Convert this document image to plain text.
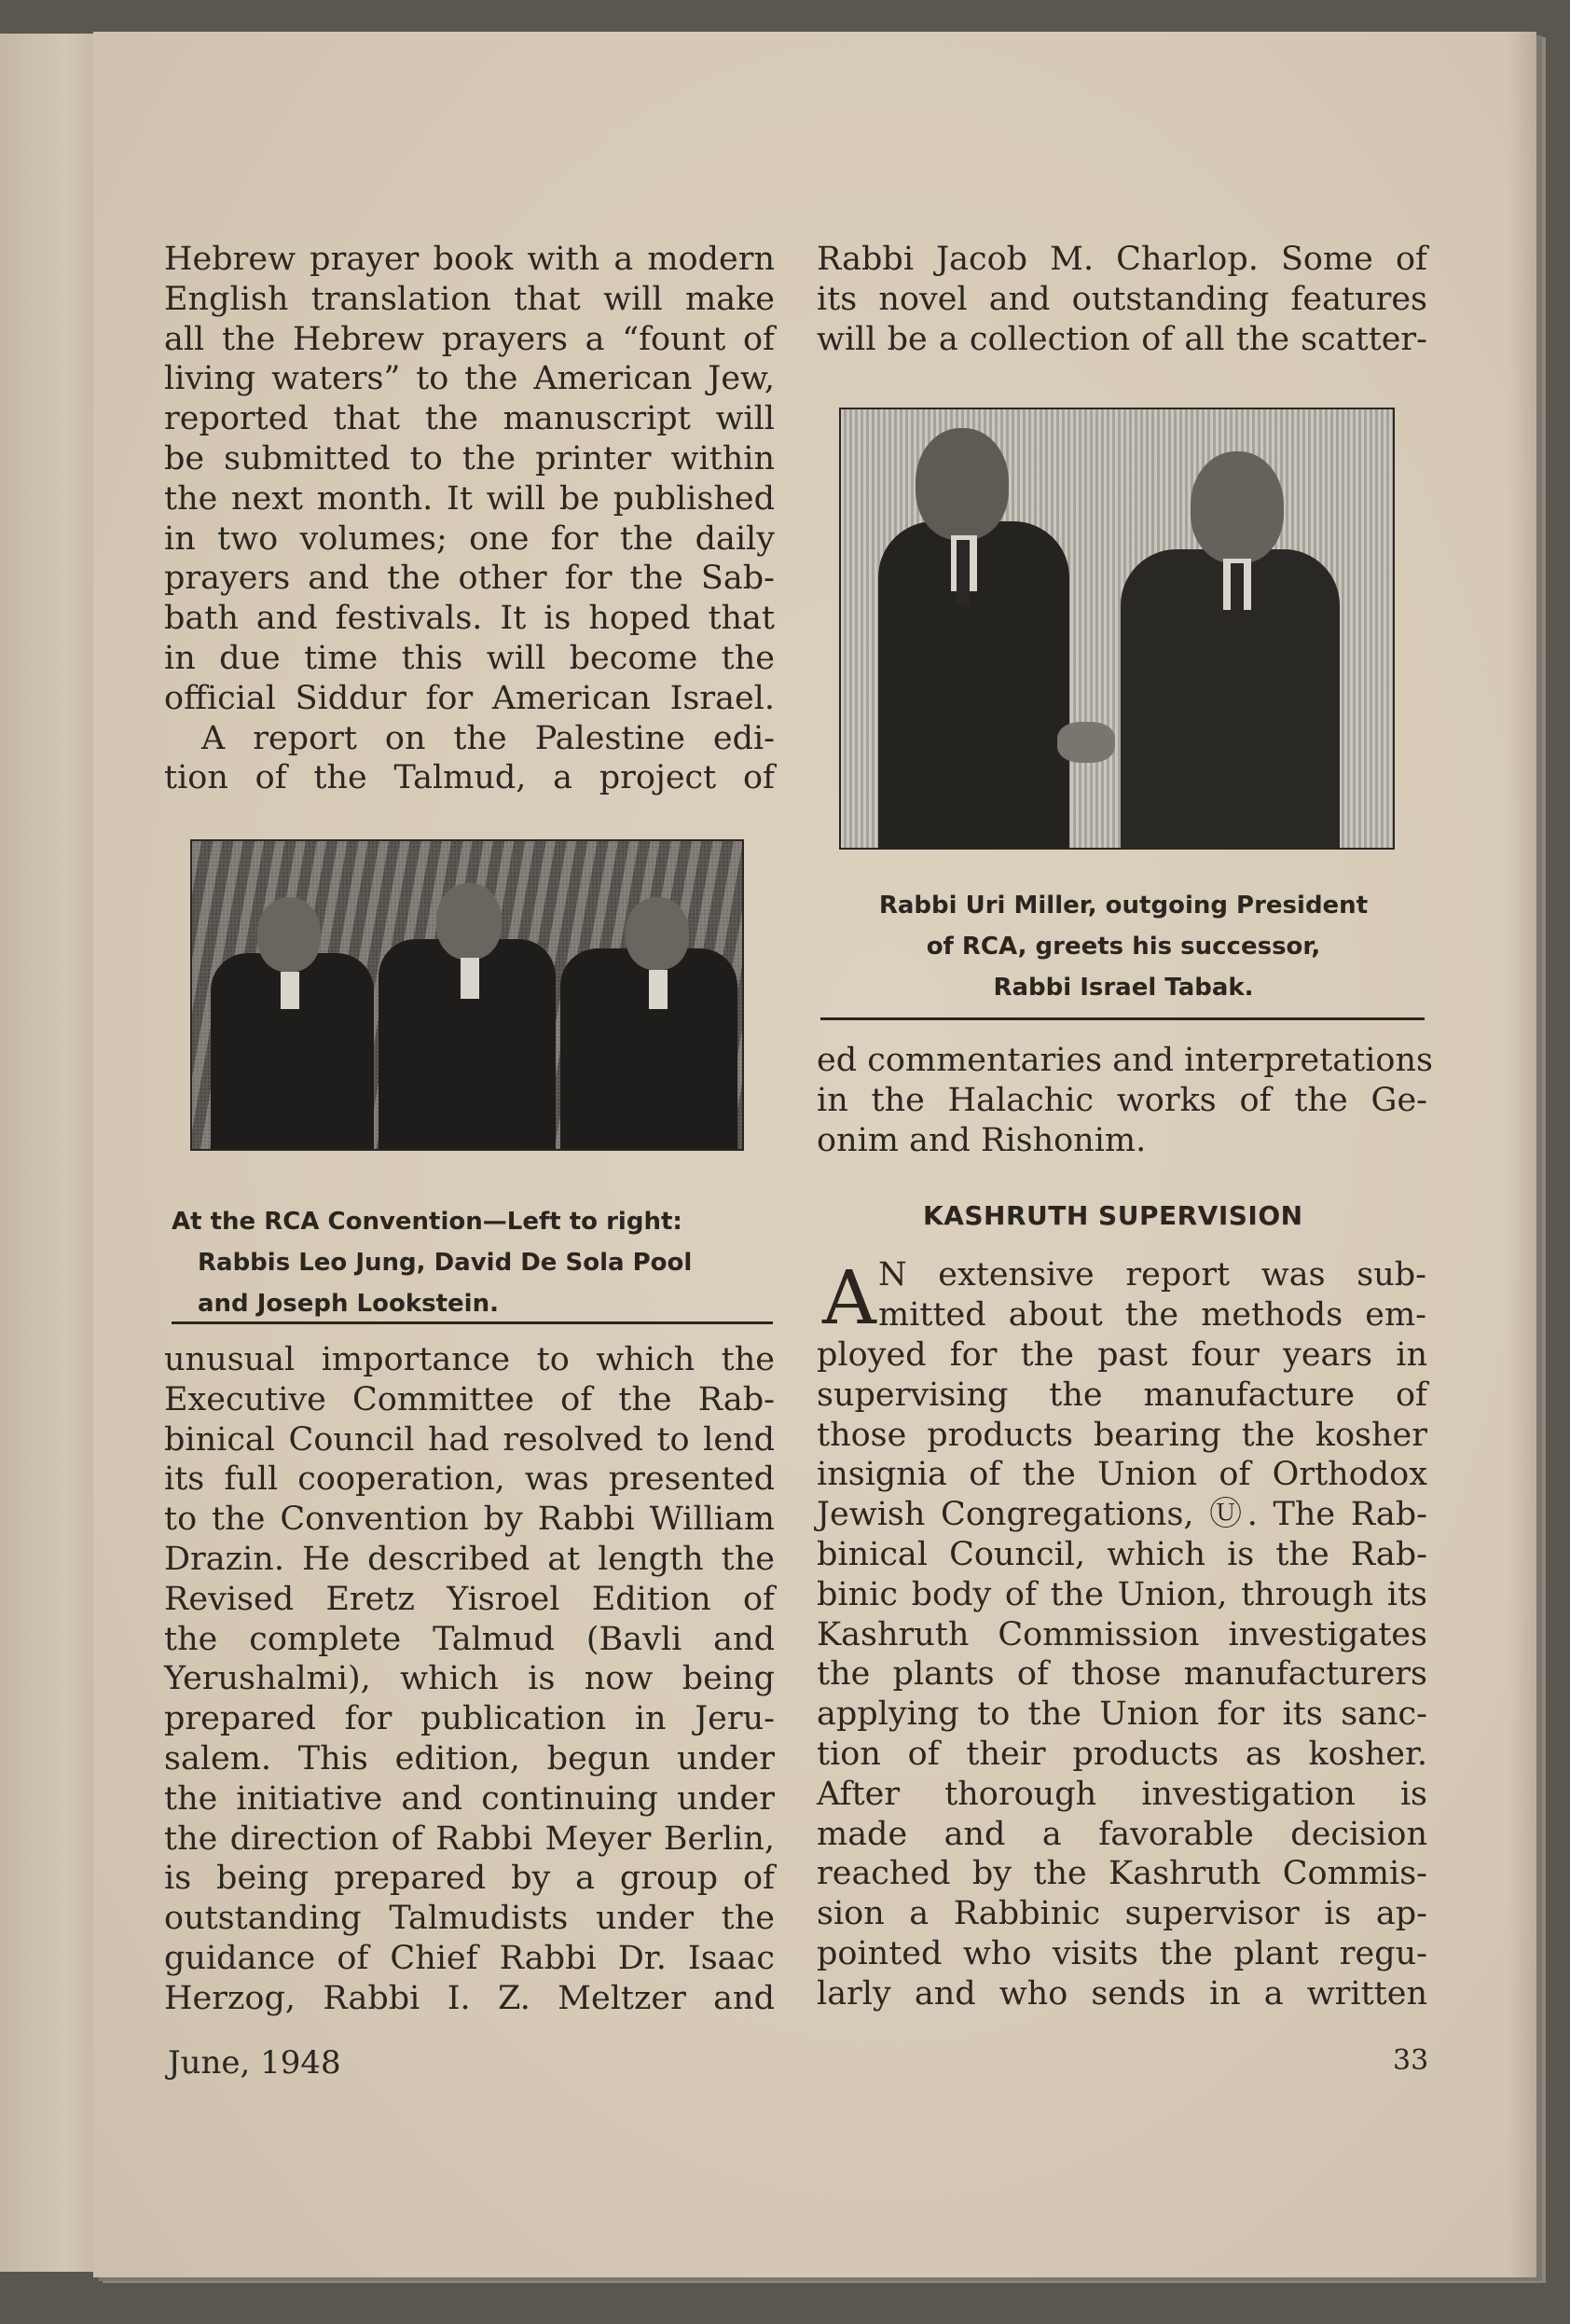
Hebrew prayer book with a modern
English translation that will make
all the Hebrew prayers a “fount of
living waters” to the American Jew,
reported that the manuscript will
be submitted to the printer within
the next month. It will be published
in two volumes; one for the daily
prayers and the other for the Sab-
bath and festivals. It is hoped that
in due time this will become the
official Siddur for American Israel.
A report on the Palestine edi-
tion of the Talmud, a project of
At the RCA Convention—Left to right:
Rabbis Leo Jung, David De Sola Pool
and Joseph Lookstein.
unusual importance to which the
Executive Committee of the Rab-
binical Council had resolved to lend
its full cooperation, was presented
to the Convention by Rabbi William
Drazin. He described at length the
Revised Eretz Yisroel Edition of
the complete Talmud (Bavli and
Yerushalmi), which is now being
prepared for publication in Jeru-
salem. This edition, begun under
the initiative and continuing under
the direction of Rabbi Meyer Berlin,
is being prepared by a group of
outstanding Talmudists under the
guidance of Chief Rabbi Dr. Isaac
Herzog, Rabbi I. Z. Meltzer and
Rabbi Jacob M. Charlop. Some of
its novel and outstanding features
will be a collection of all the scatter-
Rabbi Uri Miller, outgoing President
of RCA, greets his successor,
Rabbi Israel Tabak.
ed commentaries and interpretations
in the Halachic works of the Ge-
onim and Rishonim.
KASHRUTH SUPERVISION
A N extensive report was sub-
mitted about the methods em-
ployed for the past four years in
supervising the manufacture of
those products bearing the kosher
insignia of the Union of Orthodox
Jewish Congregations, Ⓤ. The Rab-
binical Council, which is the Rab-
binic body of the Union, through its
Kashruth Commission investigates
the plants of those manufacturers
applying to the Union for its sanc-
tion of their products as kosher.
After thorough investigation is
made and a favorable decision
reached by the Kashruth Commis-
sion a Rabbinic supervisor is ap-
pointed who visits the plant regu-
larly and who sends in a written
June, 1948	33
